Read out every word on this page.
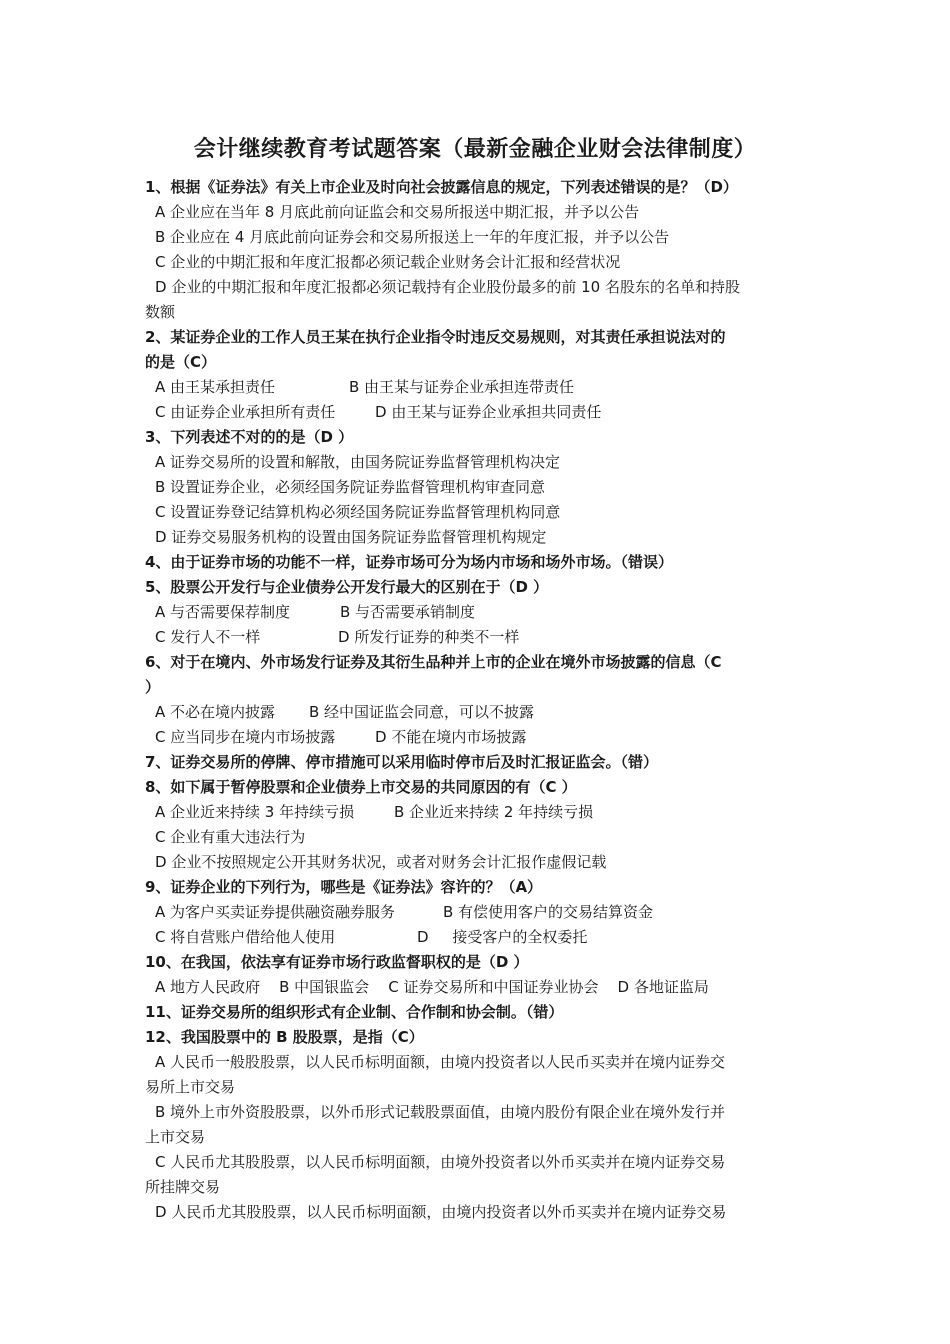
会计继续教育考试题答案（最新金融企业财会法律制度）
1、根据《证券法》有关上市企业及时向社会披露信息的规定，下列表述错误的是？（D）
A 企业应在当年 8 月底此前向证监会和交易所报送中期汇报，并予以公告
B 企业应在 4 月底此前向证券会和交易所报送上一年的年度汇报，并予以公告
C 企业的中期汇报和年度汇报都必须记载企业财务会计汇报和经营状况
D 企业的中期汇报和年度汇报都必须记载持有企业股份最多的前 10 名股东的名单和持股
数额
2、某证券企业的工作人员王某在执行企业指令时违反交易规则，对其责任承担说法对的
的是（C）
A 由王某承担责任	B 由王某与证券企业承担连带责任
C 由证券企业承担所有责任	D 由王某与证券企业承担共同责任
3、下列表述不对的的是（D ）
A 证券交易所的设置和解散，由国务院证券监督管理机构决定
B 设置证券企业，必须经国务院证券监督管理机构审查同意
C 设置证券登记结算机构必须经国务院证券监督管理机构同意
D 证券交易服务机构的设置由国务院证券监督管理机构规定
4、由于证券市场的功能不一样，证券市场可分为场内市场和场外市场。（错误）
5、股票公开发行与企业债券公开发行最大的区别在于（D ）
A 与否需要保荐制度	B 与否需要承销制度
C 发行人不一样	D 所发行证券的种类不一样
6、对于在境内、外市场发行证券及其衍生品种并上市的企业在境外市场披露的信息（C
）
A 不必在境内披露 B 经中国证监会同意，可以不披露
C 应当同步在境内市场披露	D 不能在境内市场披露
7、证券交易所的停牌、停市措施可以采用临时停市后及时汇报证监会。（错）
8、如下属于暂停股票和企业债券上市交易的共同原因的有（C ）
A 企业近来持续 3 年持续亏损	B 企业近来持续 2 年持续亏损
C 企业有重大违法行为
D 企业不按照规定公开其财务状况，或者对财务会计汇报作虚假记载
9、证券企业的下列行为，哪些是《证券法》容许的？（A）
A 为客户买卖证券提供融资融券服务	B 有偿使用客户的交易结算资金
C 将自营账户借给他人使用	D     接受客户的全权委托
10、在我国，依法享有证券市场行政监督职权的是（D ）
A 地方人民政府    B 中国银监会    C 证券交易所和中国证券业协会    D 各地证监局
11、证券交易所的组织形式有企业制、合作制和协会制。（错）
12、我国股票中的 B 股股票，是指（C）
A 人民币一般股股票，以人民币标明面额，由境内投资者以人民币买卖并在境内证券交
易所上市交易
B 境外上市外资股股票，以外币形式记载股票面值，由境内股份有限企业在境外发行并
上市交易
C 人民币尤其股股票，以人民币标明面额，由境外投资者以外币买卖并在境内证券交易
所挂牌交易
D 人民币尤其股股票，以人民币标明面额，由境内投资者以外币买卖并在境内证券交易
